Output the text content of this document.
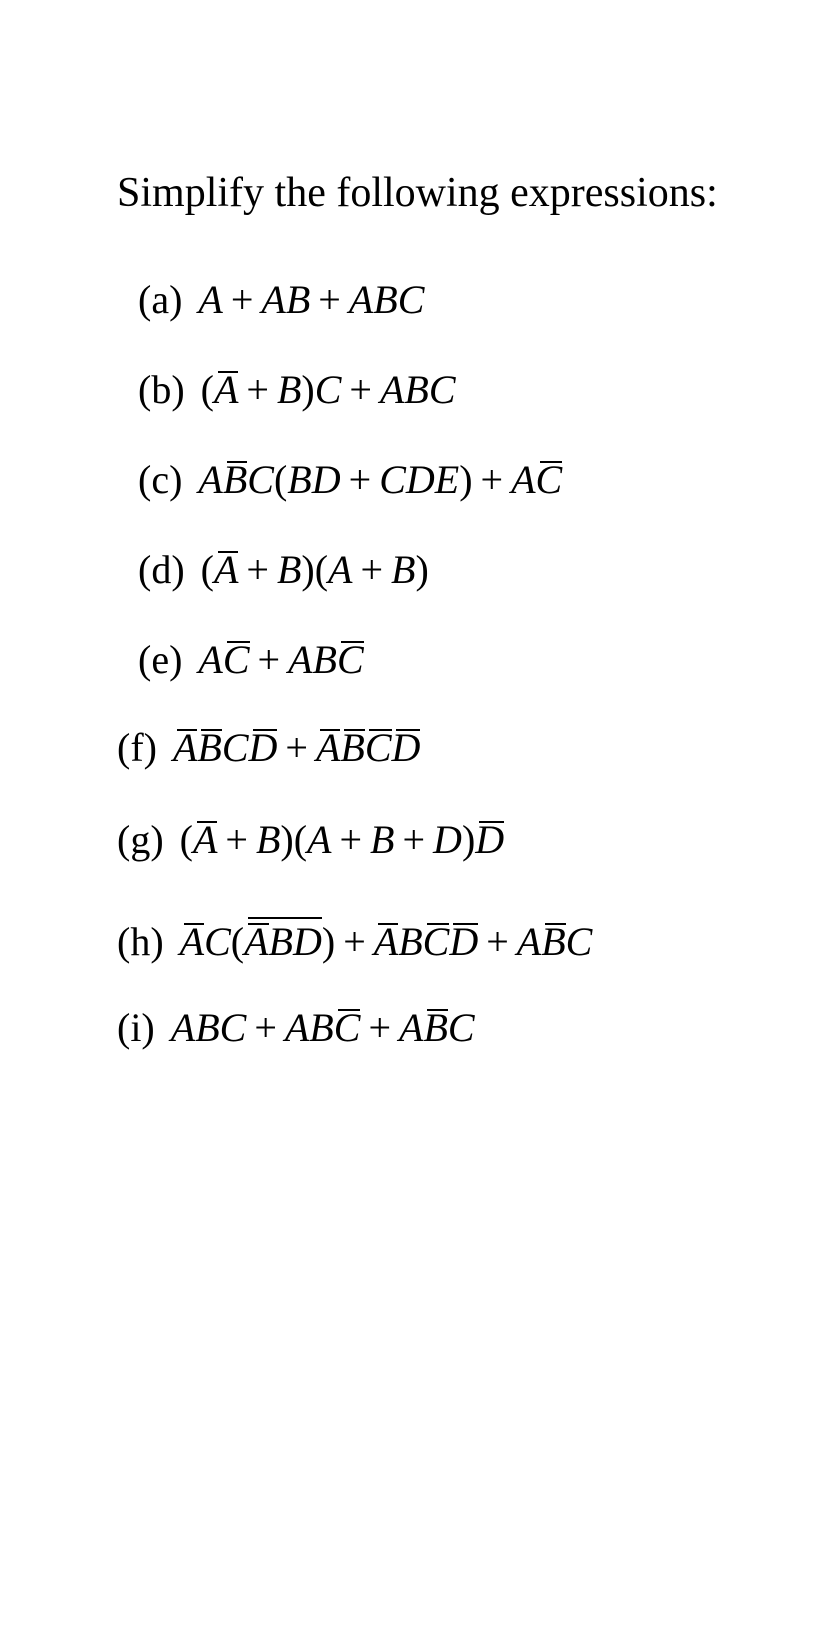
Simplify the following expressions:
(a) A + AB + ABC
(b) (A + B)C + ABC
(c) ABC(BD + CDE) + AC
(d) (A + B)(A + B)
(e) AC + ABC
(f) ABCD + ABCD
(g) (A + B)(A + B + D)D
(h) AC(ABD) + ABCD + ABC
(i) ABC + ABC + ABC
